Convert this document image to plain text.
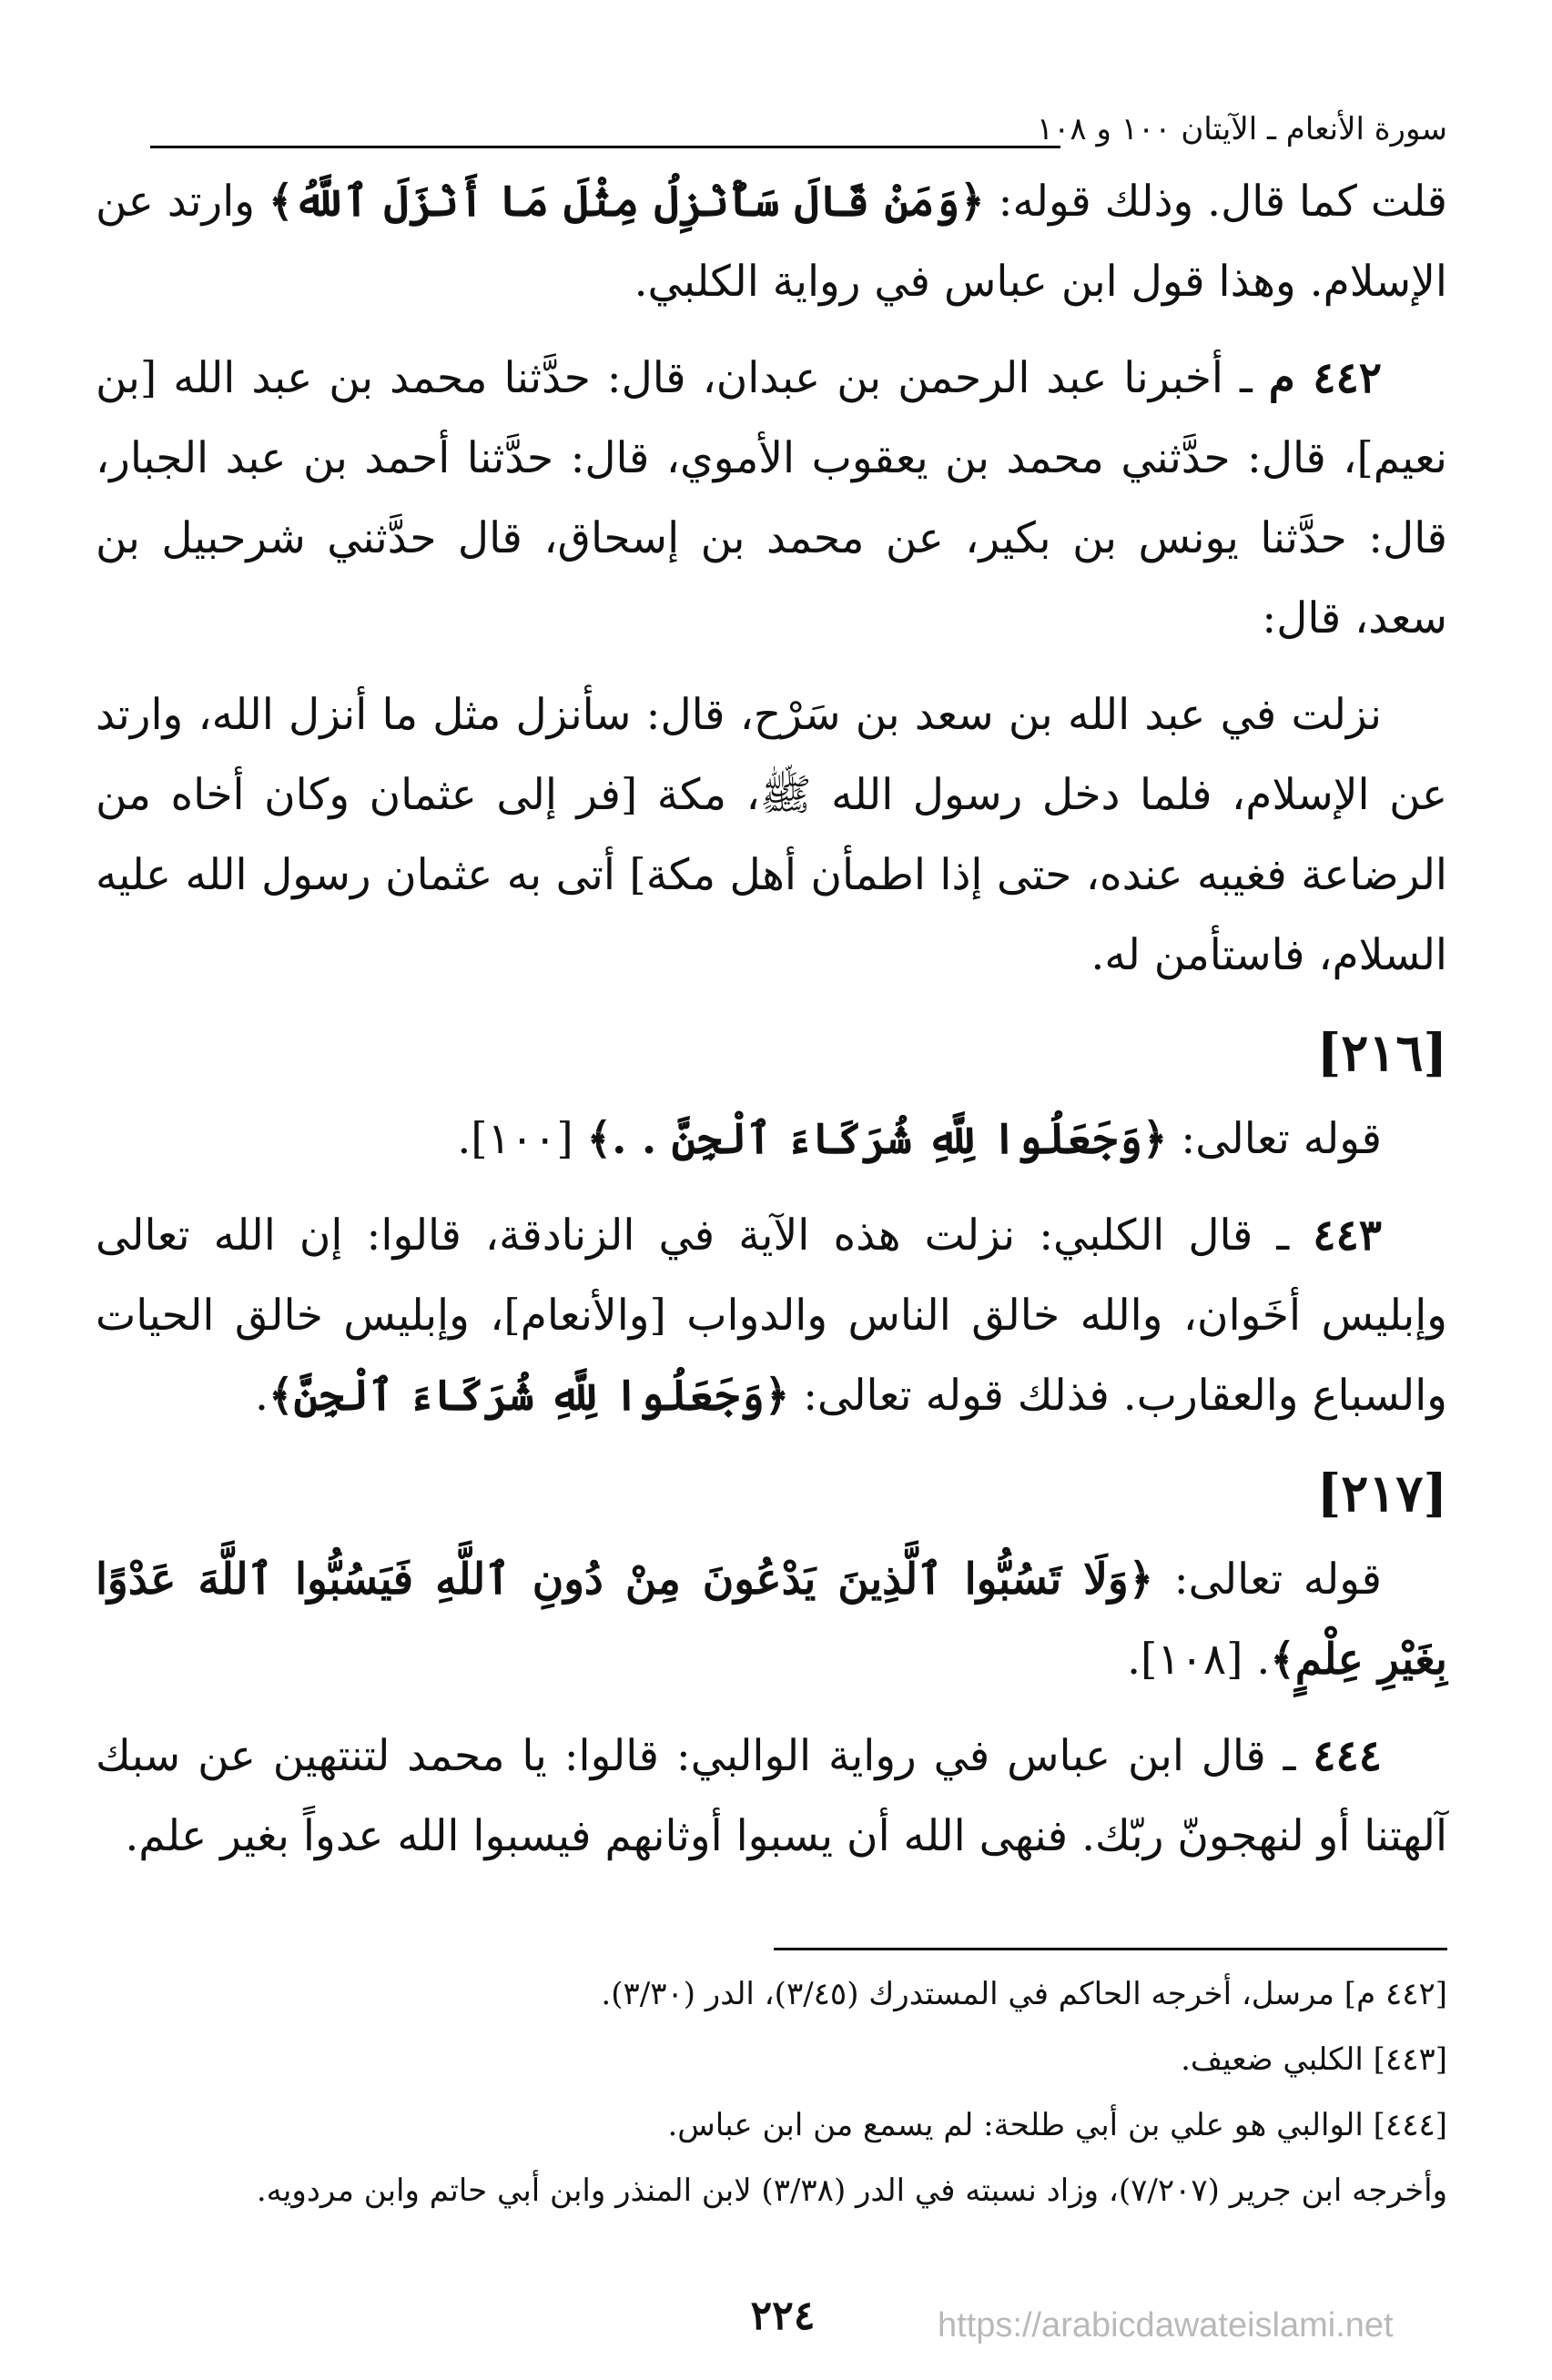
سورة الأنعام ـ الآيتان ١٠٠ و ١٠٨

قلت كما قال. وذلك قوله: ﴿وَمَنْ قَالَ سَأُنْزِلُ مِثْلَ مَا أَنْزَلَ ٱللَّهُ﴾ وارتد عن الإسلام. وهذا قول ابن عباس في رواية الكلبي.

٤٤٢ م ـ أخبرنا عبد الرحمن بن عبدان، قال: حدَّثنا محمد بن عبد الله [بن نعيم]، قال: حدَّثني محمد بن يعقوب الأموي، قال: حدَّثنا أحمد بن عبد الجبار، قال: حدَّثنا يونس بن بكير، عن محمد بن إسحاق، قال حدَّثني شرحبيل بن سعد، قال:

نزلت في عبد الله بن سعد بن سَرْح، قال: سأنزل مثل ما أنزل الله، وارتد عن الإسلام، فلما دخل رسول الله ﷺ، مكة [فر إلى عثمان وكان أخاه من الرضاعة فغيبه عنده، حتى إذا اطمأن أهل مكة] أتى به عثمان رسول الله عليه السلام، فاستأمن له.

[٢١٦]

قوله تعالى: ﴿وَجَعَلُوا لِلَّهِ شُرَكَاءَ ٱلْجِنَّ . .﴾ [١٠٠].

٤٤٣ ـ قال الكلبي: نزلت هذه الآية في الزنادقة، قالوا: إن الله تعالى وإبليس أخَوان، والله خالق الناس والدواب [والأنعام]، وإبليس خالق الحيات والسباع والعقارب. فذلك قوله تعالى: ﴿وَجَعَلُوا لِلَّهِ شُرَكَاءَ ٱلْجِنَّ﴾.

[٢١٧]

قوله تعالى: ﴿وَلَا تَسُبُّوا ٱلَّذِينَ يَدْعُونَ مِنْ دُونِ ٱللَّهِ فَيَسُبُّوا ٱللَّهَ عَدْوًا بِغَيْرِ عِلْمٍ﴾. [١٠٨].

٤٤٤ ـ قال ابن عباس في رواية الوالبي: قالوا: يا محمد لتنتهين عن سبك آلهتنا أو لنهجونّ ربّك. فنهى الله أن يسبوا أوثانهم فيسبوا الله عدواً بغير علم.

[٤٤٢ م] مرسل، أخرجه الحاكم في المستدرك (٣/٤٥)، الدر (٣/٣٠).

[٤٤٣] الكلبي ضعيف.

[٤٤٤] الوالبي هو علي بن أبي طلحة: لم يسمع من ابن عباس.

وأخرجه ابن جرير (٧/٢٠٧)، وزاد نسبته في الدر (٣/٣٨) لابن المنذر وابن أبي حاتم وابن مردويه.

٢٢٤	https://arabicdawateislami.net
